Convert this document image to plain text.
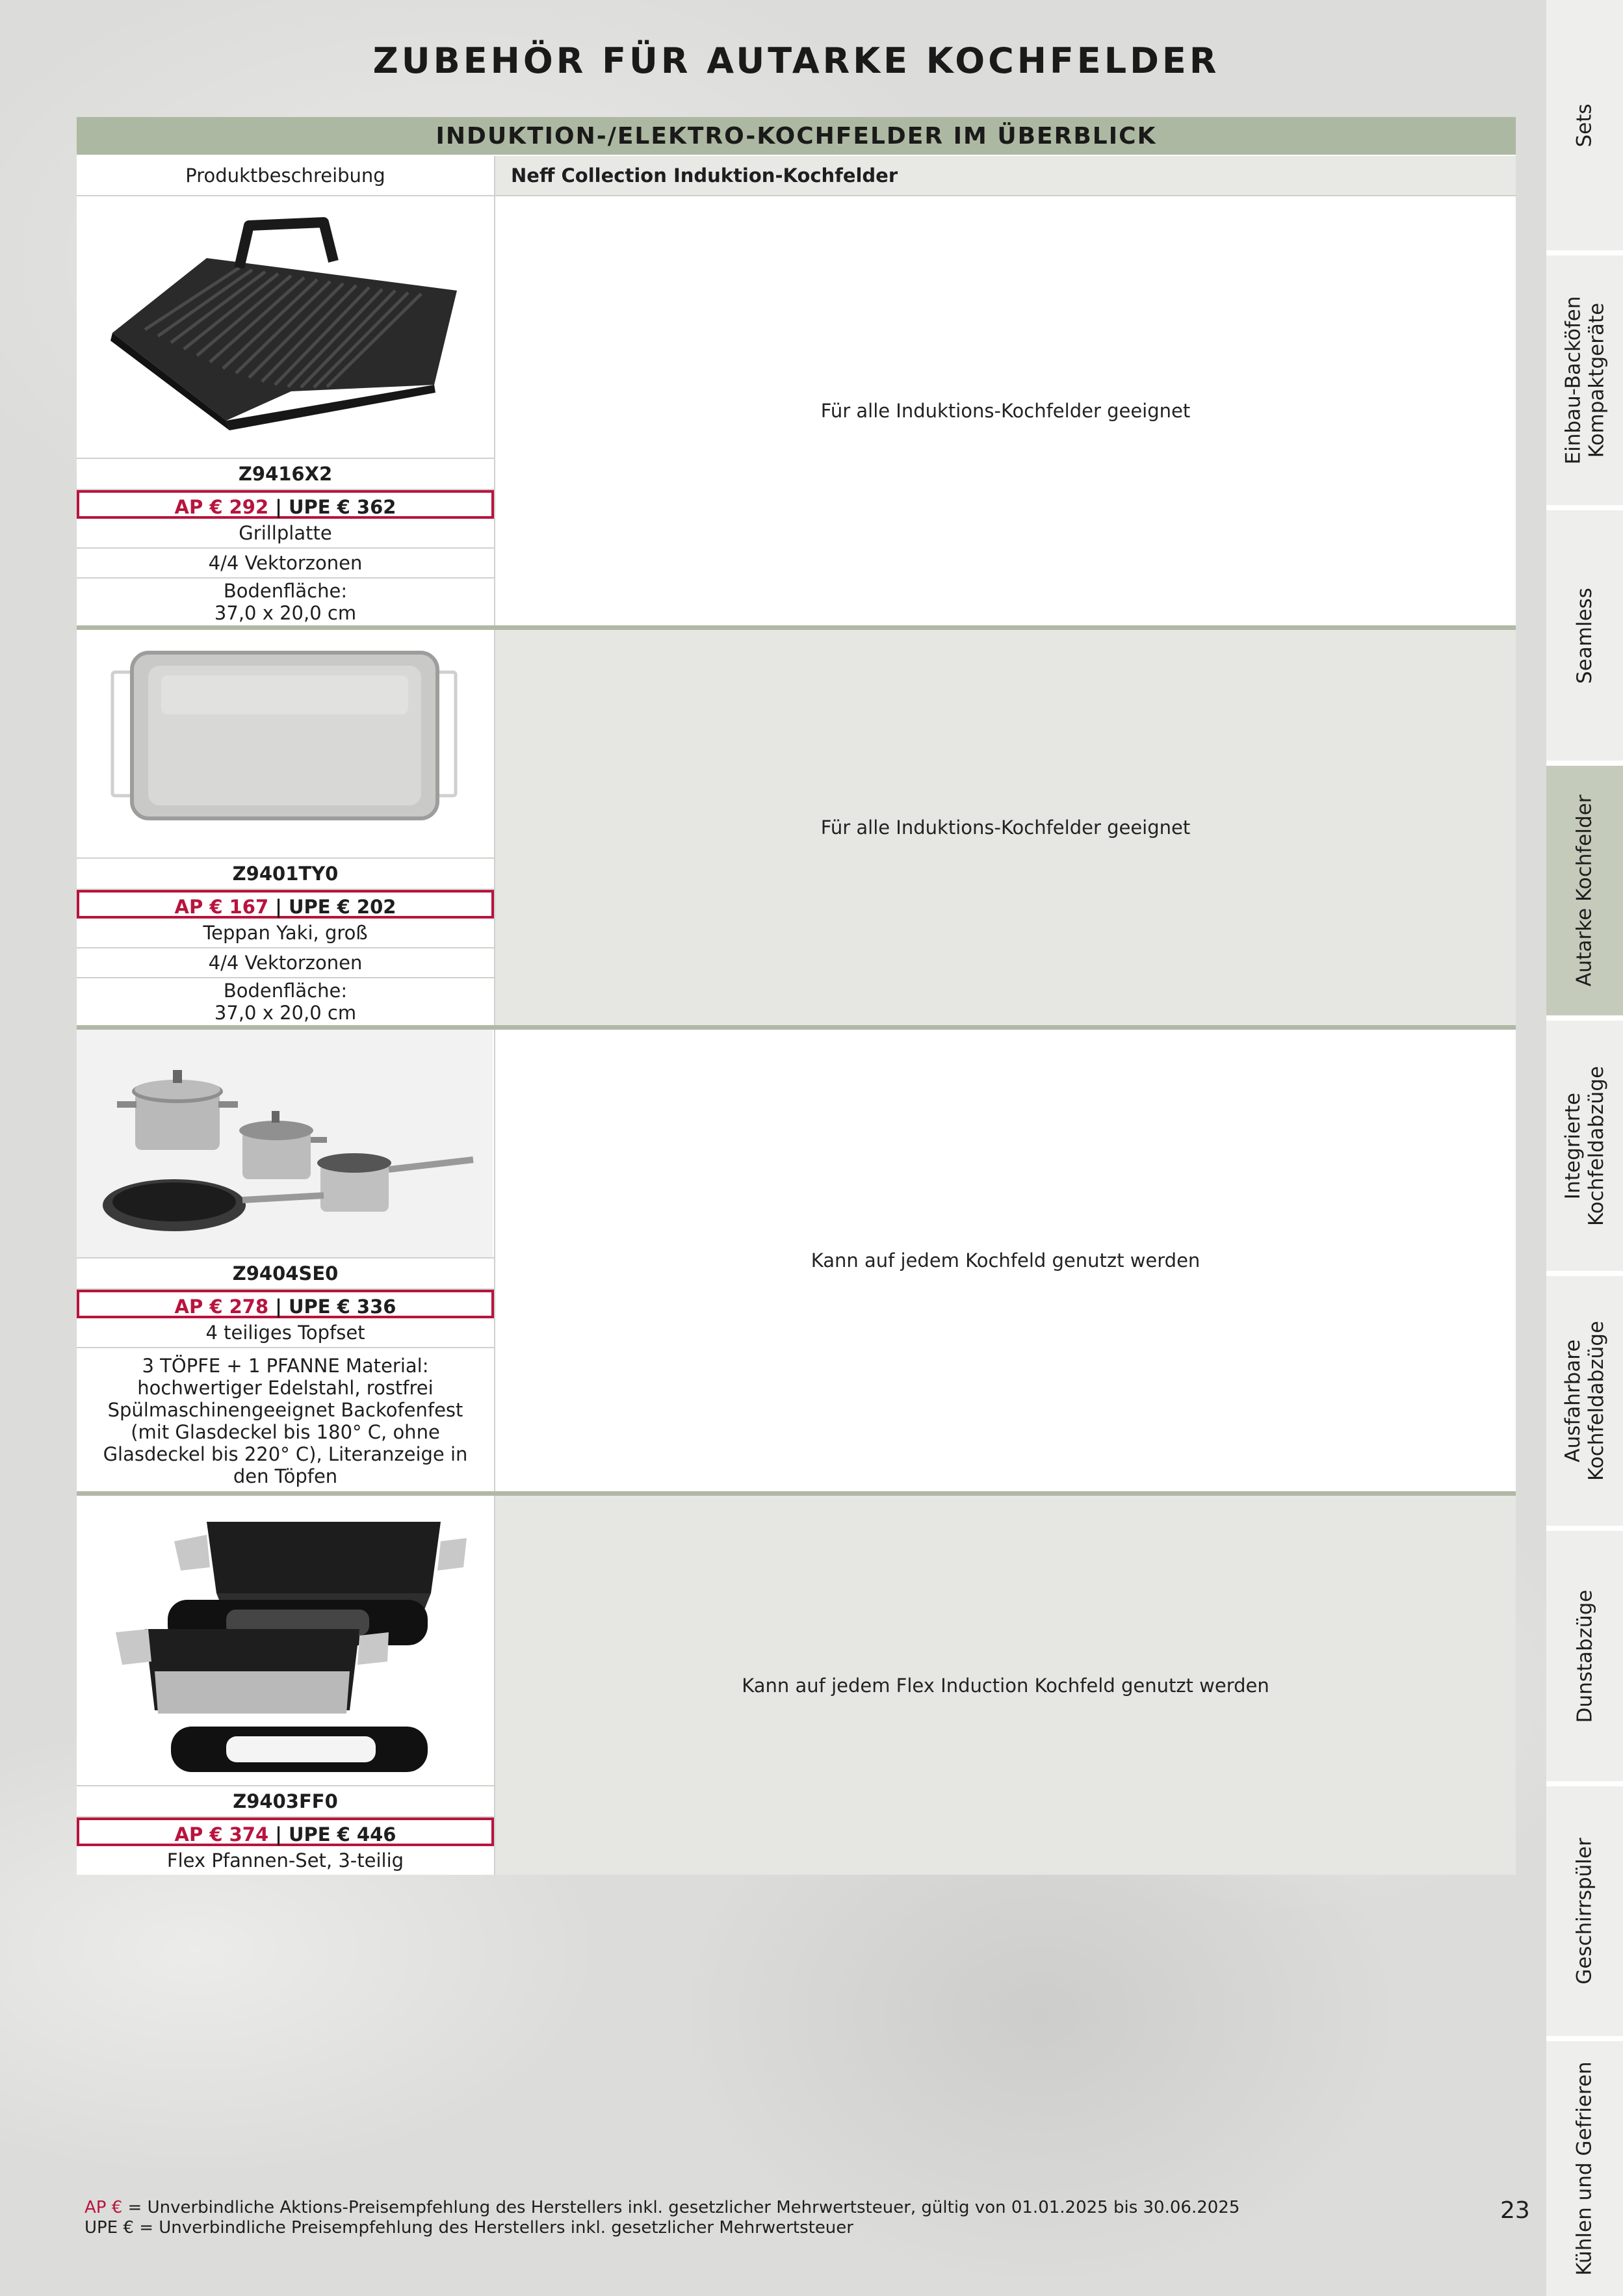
ZUBEHÖR FÜR AUTARKE KOCHFELDER
INDUKTION-/ELEKTRO-KOCHFELDER IM ÜBERBLICK
Produktbeschreibung	Neff Collection Induktion-Kochfelder
Z9416X2
AP € 292 | UPE € 362
Grillplatte
4/4 Vektorzonen
Bodenfläche:
37,0 x 20,0 cm
Für alle Induktions-Kochfelder geeignet
Z9401TY0
AP € 167 | UPE € 202
Teppan Yaki, groß
4/4 Vektorzonen
Bodenfläche:
37,0 x 20,0 cm
Für alle Induktions-Kochfelder geeignet
Z9404SE0
AP € 278 | UPE € 336
4 teiliges Topfset
3 TÖPFE + 1 PFANNE Material: hochwertiger Edelstahl, rostfrei Spülmaschinengeeignet Backofenfest (mit Glasdeckel bis 180° C, ohne Glasdeckel bis 220° C), Literanzeige in den Töpfen
Kann auf jedem Kochfeld genutzt werden
Z9403FF0
AP € 374 | UPE € 446
Flex Pfannen-Set, 3-teilig
Kann auf jedem Flex Induction Kochfeld genutzt werden
Sets
Einbau-Backöfen
Kompaktgeräte
Seamless
Autarke Kochfelder
Integrierte
Kochfeldabzüge
Ausfahrbare
Kochfeldabzüge
Dunstabzüge
Geschirrspüler
Kühlen und Gefrieren
AP € = Unverbindliche Aktions-Preisempfehlung des Herstellers inkl. gesetzlicher Mehrwertsteuer, gültig von 01.01.2025 bis 30.06.2025
UPE € = Unverbindliche Preisempfehlung des Herstellers inkl. gesetzlicher Mehrwertsteuer
23
